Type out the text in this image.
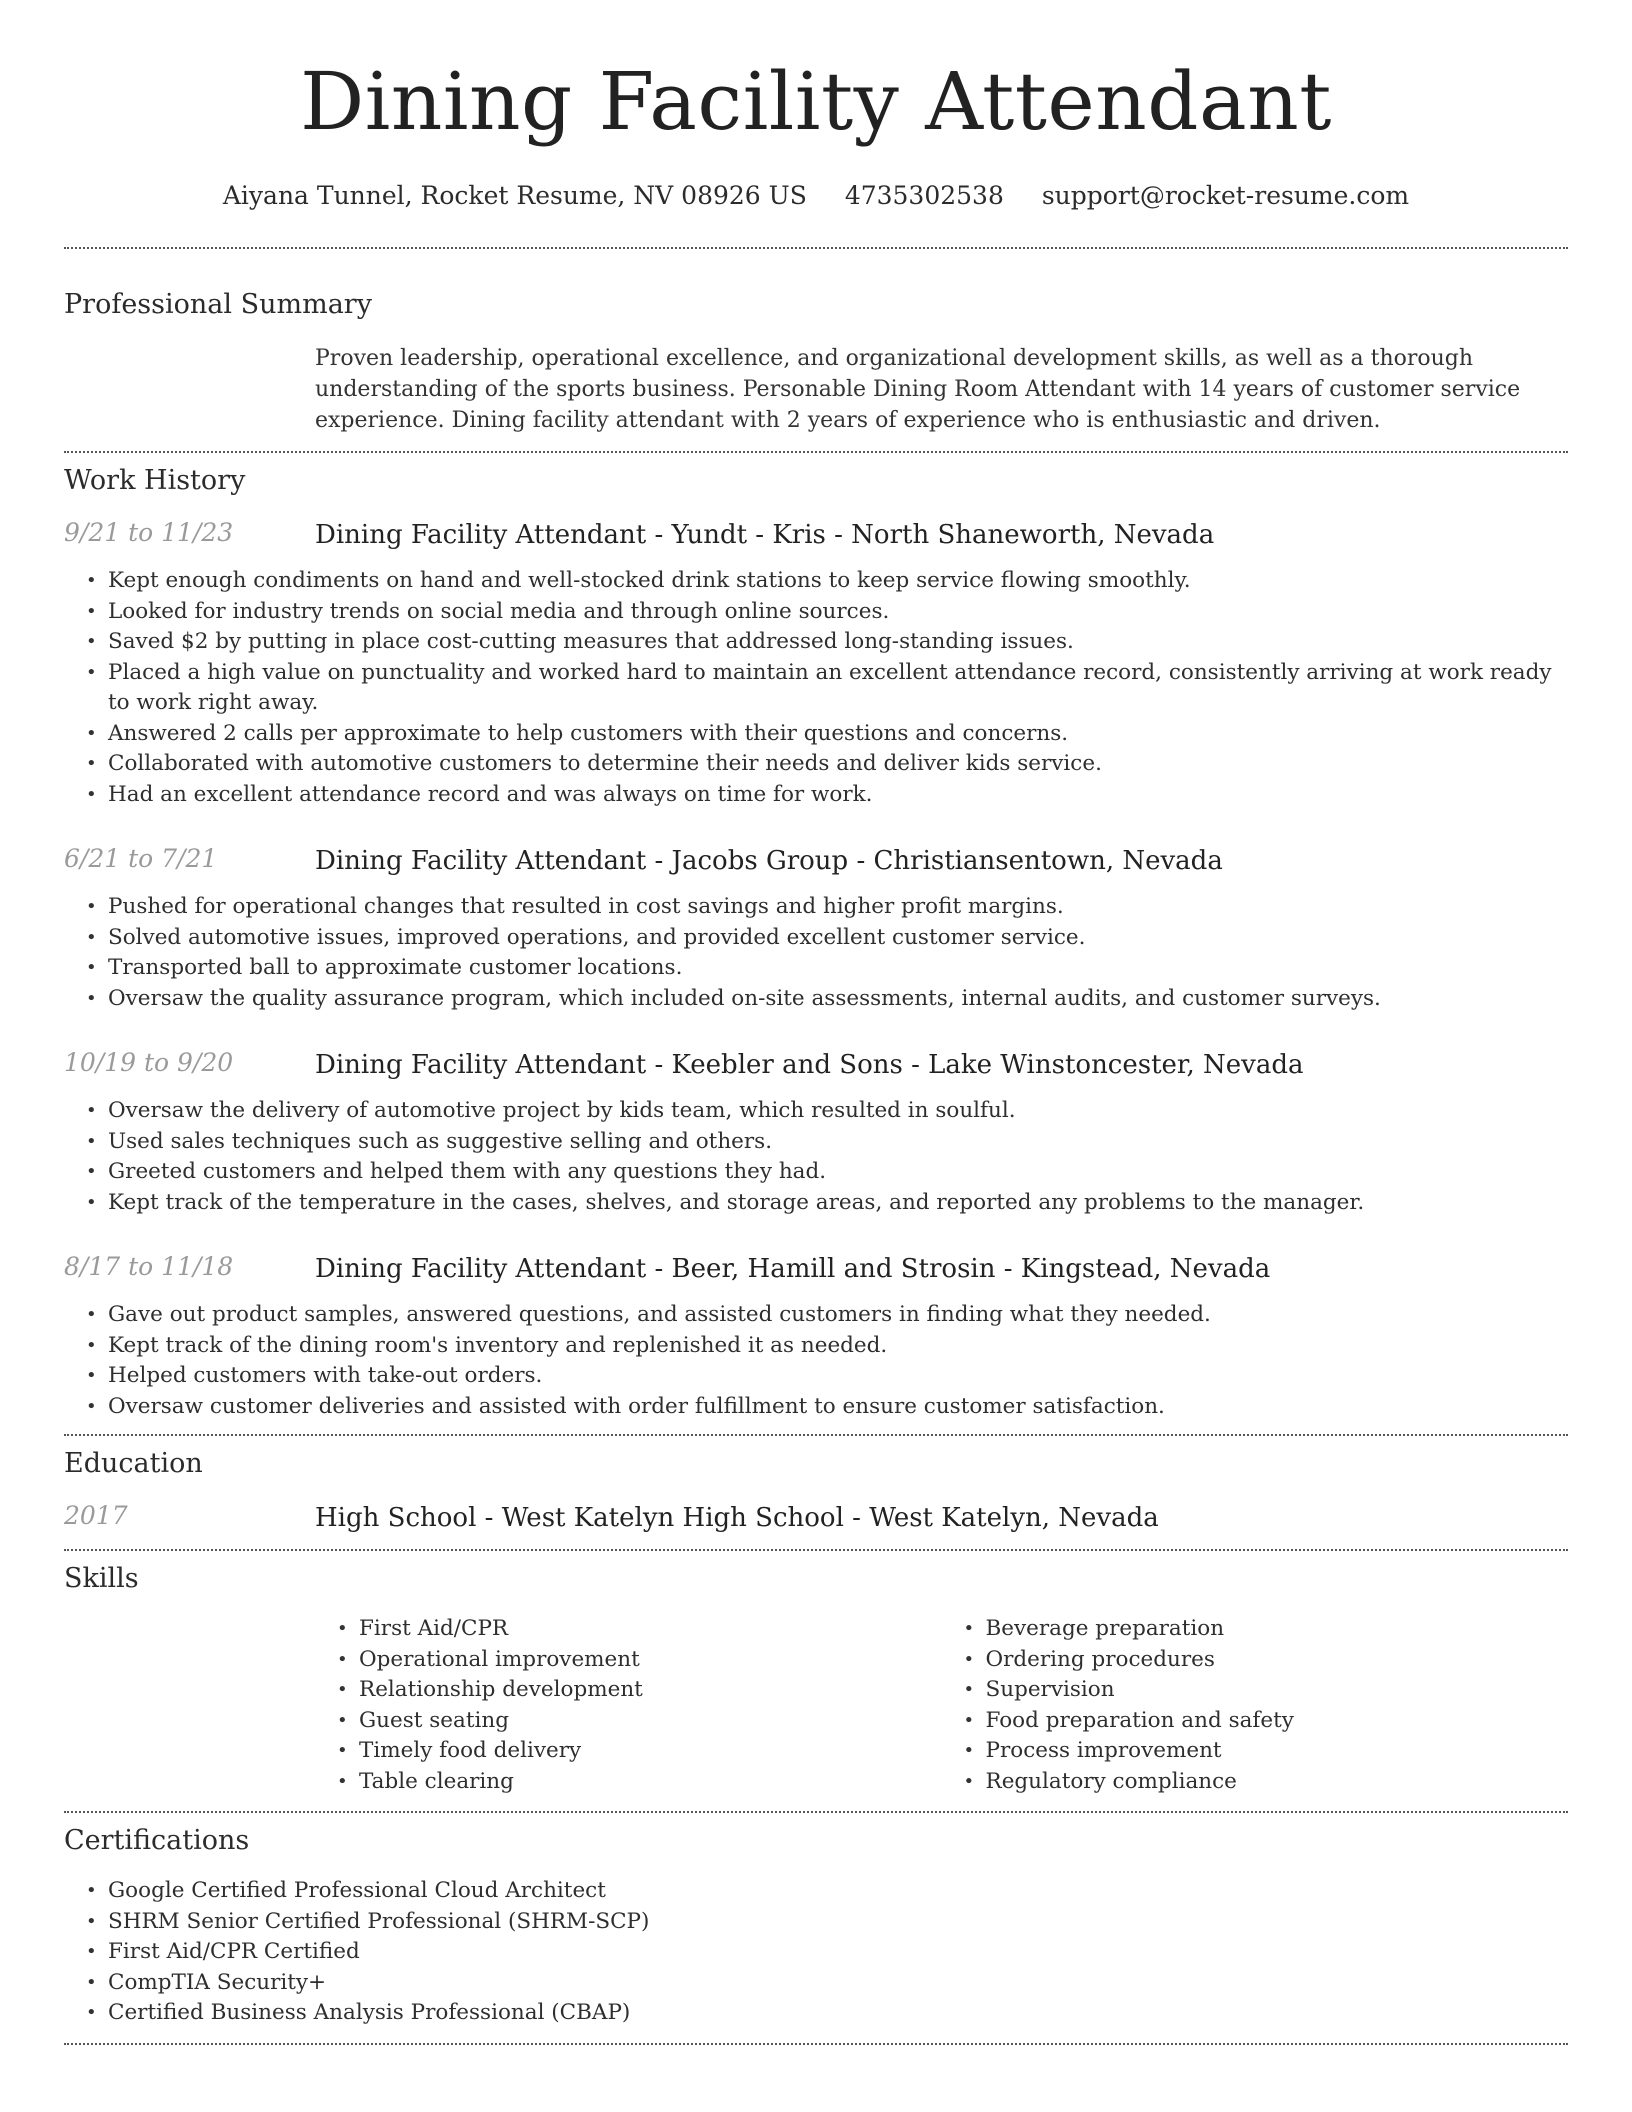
Dining Facility Attendant
Aiyana Tunnel, Rocket Resume, NV 08926 US 4735302538 support@rocket-resume.com
Professional Summary

Proven leadership, operational excellence, and organizational development skills, as well as a thorough understanding of the sports business. Personable Dining Room Attendant with 14 years of customer service experience. Dining facility attendant with 2 years of experience who is enthusiastic and driven.

Work History
9/21 to 11/23	Dining Facility Attendant - Yundt - Kris - North Shaneworth, Nevada
• Kept enough condiments on hand and well-stocked drink stations to keep service flowing smoothly.
• Looked for industry trends on social media and through online sources.
• Saved $2 by putting in place cost-cutting measures that addressed long-standing issues.
• Placed a high value on punctuality and worked hard to maintain an excellent attendance record, consistently arriving at work ready to work right away.
• Answered 2 calls per approximate to help customers with their questions and concerns.
• Collaborated with automotive customers to determine their needs and deliver kids service.
• Had an excellent attendance record and was always on time for work.
6/21 to 7/21	Dining Facility Attendant - Jacobs Group - Christiansentown, Nevada
• Pushed for operational changes that resulted in cost savings and higher profit margins.
• Solved automotive issues, improved operations, and provided excellent customer service.
• Transported ball to approximate customer locations.
• Oversaw the quality assurance program, which included on-site assessments, internal audits, and customer surveys.
10/19 to 9/20	Dining Facility Attendant - Keebler and Sons - Lake Winstoncester, Nevada
• Oversaw the delivery of automotive project by kids team, which resulted in soulful.
• Used sales techniques such as suggestive selling and others.
• Greeted customers and helped them with any questions they had.
• Kept track of the temperature in the cases, shelves, and storage areas, and reported any problems to the manager.
8/17 to 11/18	Dining Facility Attendant - Beer, Hamill and Strosin - Kingstead, Nevada
• Gave out product samples, answered questions, and assisted customers in finding what they needed.
• Kept track of the dining room's inventory and replenished it as needed.
• Helped customers with take-out orders.
• Oversaw customer deliveries and assisted with order fulfillment to ensure customer satisfaction.
Education
2017	High School - West Katelyn High School - West Katelyn, Nevada
Skills
• First Aid/CPR
• Operational improvement
• Relationship development
• Guest seating
• Timely food delivery
• Table clearing
• Beverage preparation
• Ordering procedures
• Supervision
• Food preparation and safety
• Process improvement
• Regulatory compliance
Certifications
• Google Certified Professional Cloud Architect
• SHRM Senior Certified Professional (SHRM-SCP)
• First Aid/CPR Certified
• CompTIA Security+
• Certified Business Analysis Professional (CBAP)
